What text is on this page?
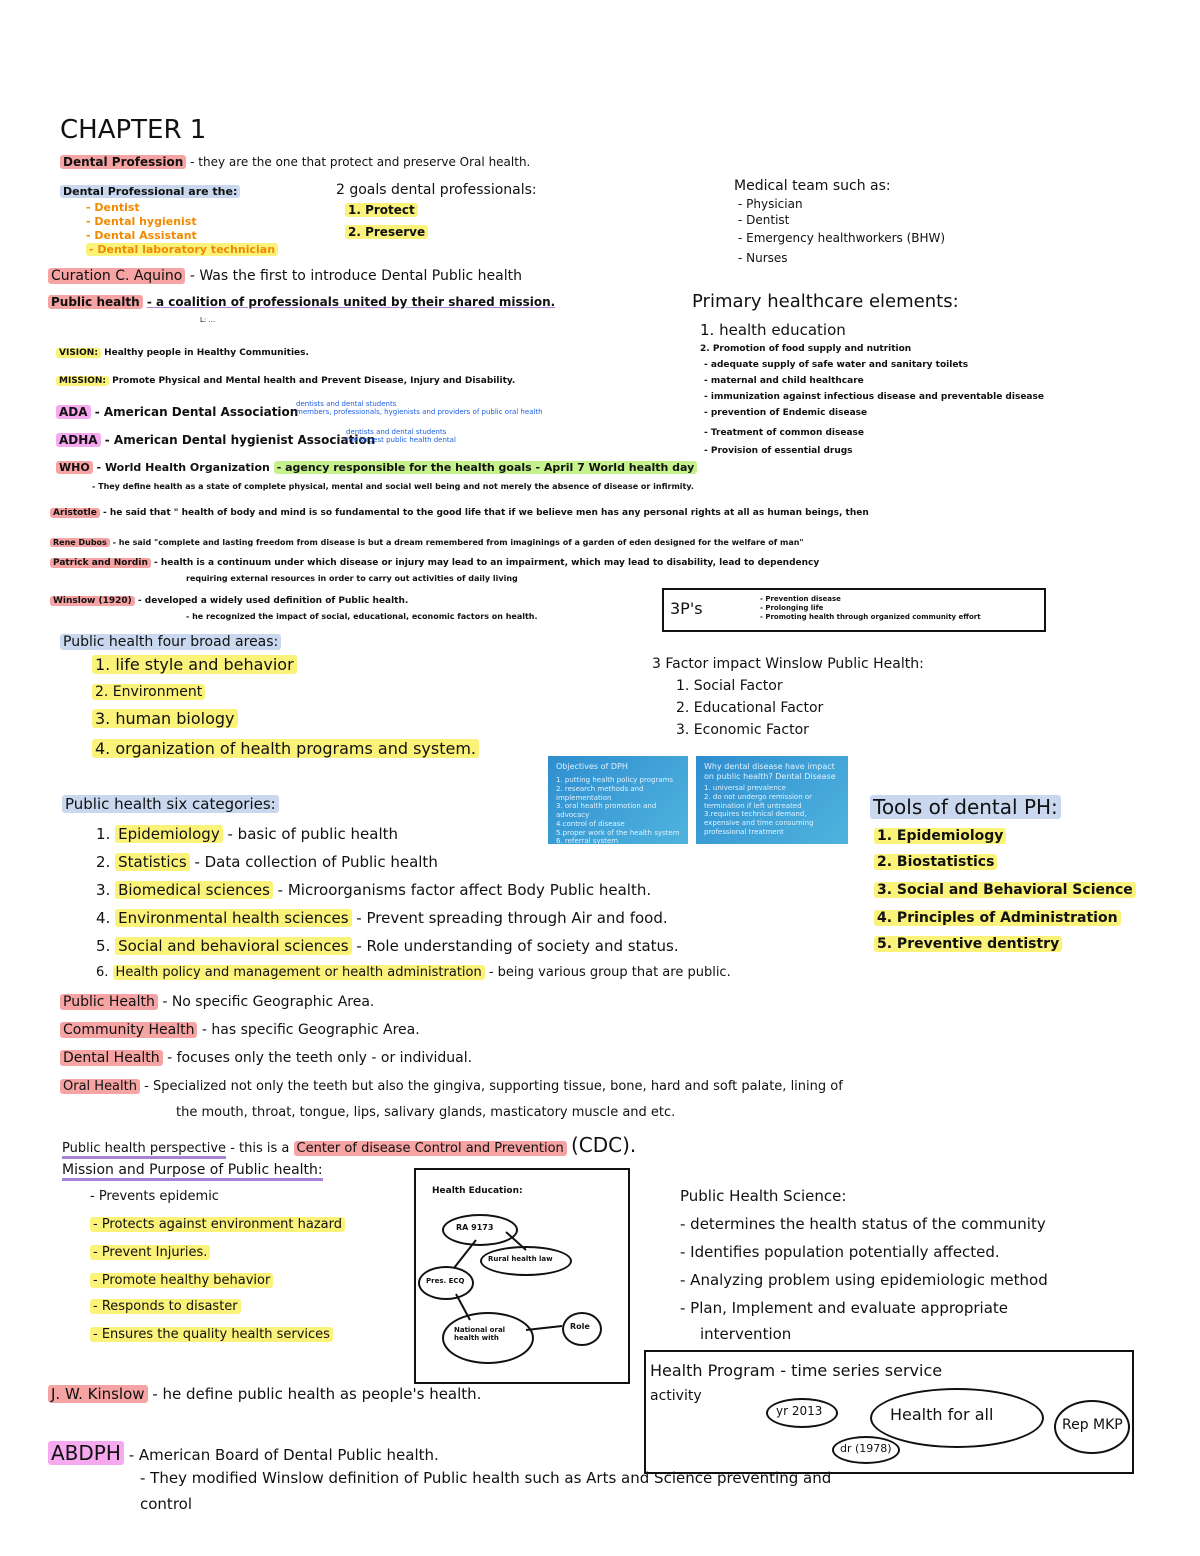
CHAPTER 1
Dental Profession - they are the one that protect and preserve Oral health.
Dental Professional are the:
- Dentist
- Dental hygienist
- Dental Assistant
- Dental laboratory technician
2 goals dental professionals:
1. Protect
2. Preserve
Medical team such as:
- Physician
- Dentist
- Emergency healthworkers (BHW)
- Nurses
Curation C. Aquino - Was the first to introduce Dental Public health
Public health - a coalition of professionals united by their shared mission.
L: ...
Primary healthcare elements:
1. health education
2. Promotion of food supply and nutrition
- adequate supply of safe water and sanitary toilets
- maternal and child healthcare
- immunization against infectious disease and preventable disease
- prevention of Endemic disease
- Treatment of common disease
- Provision of essential drugs
VISION: Healthy people in Healthy Communities.
MISSION: Promote Physical and Mental health and Prevent Disease, Injury and Disability.
ADA - American Dental Association
dentists and dental students
members, professionals, hygienists and providers of public oral health
ADHA - American Dental hygienist Association
dentists and dental students
the largest public health dental
WHO - World Health Organization - agency responsible for the health goals - April 7 World health day
- They define health as a state of complete physical, mental and social well being and not merely the absence of disease or infirmity.
Aristotle - he said that " health of body and mind is so fundamental to the good life that if we believe men has any personal rights at all as human beings, then
Rene Dubos - he said "complete and lasting freedom from disease is but a dream remembered from imaginings of a garden of eden designed for the welfare of man"
Patrick and Nordin - health is a continuum under which disease or injury may lead to an impairment, which may lead to disability, lead to dependency
requiring external resources in order to carry out activities of daily living
Winslow (1920) - developed a widely used definition of Public health.
- he recognized the impact of social, educational, economic factors on health.	3P's	- Prevention disease
- Prolonging life
- Promoting health through organized community effort
Public health four broad areas:
1. life style and behavior
2. Environment
3. human biology
4. organization of health programs and system.
3 Factor impact Winslow Public Health:
1. Social Factor
2. Educational Factor
3. Economic Factor
Objectives of DPH
1. putting health policy programs
2. research methods and
implementation
3. oral health promotion and
advocacy
4.control of disease
5.proper work of the health system
6. referral system
Why dental disease have impact on public health? Dental Disease
1. universal prevalence
2. do not undergo remission or
termination if left untreated
3.requires technical demand,
expensive and time consuming
professional treatment
Public health six categories:
1. Epidemiology - basic of public health
2. Statistics - Data collection of Public health
3. Biomedical sciences - Microorganisms factor affect Body Public health.
4. Environmental health sciences - Prevent spreading through Air and food.
5. Social and behavioral sciences - Role understanding of society and status.
6. Health policy and management or health administration - being various group that are public.
Tools of dental PH:
1. Epidemiology
2. Biostatistics
3. Social and Behavioral Science
4. Principles of Administration
5. Preventive dentistry
Public Health - No specific Geographic Area.
Community Health - has specific Geographic Area.
Dental Health - focuses only the teeth only - or individual.
Oral Health - Specialized not only the teeth but also the gingiva, supporting tissue, bone, hard and soft palate, lining of
the mouth, throat, tongue, lips, salivary glands, masticatory muscle and etc.
Public health perspective - this is a Center of disease Control and Prevention (CDC).
Mission and Purpose of Public health:
- Prevents epidemic
- Protects against environment hazard
- Prevent Injuries.
- Promote healthy behavior
- Responds to disaster
- Ensures the quality health services
Health Education:
RA 9173
Rural health law
Pres. ECQ
National oral health with
Role
Public Health Science:
- determines the health status of the community
- Identifies population potentially affected.
- Analyzing problem using epidemiologic method
- Plan, Implement and evaluate appropriate
intervention
Health Program - time series service
activity
yr 2013	Health for all
dr (1978)
Rep MKP
J. W. Kinslow - he define public health as people's health.
ABDPH - American Board of Dental Public health.
- They modified Winslow definition of Public health such as Arts and Science preventing and
control
